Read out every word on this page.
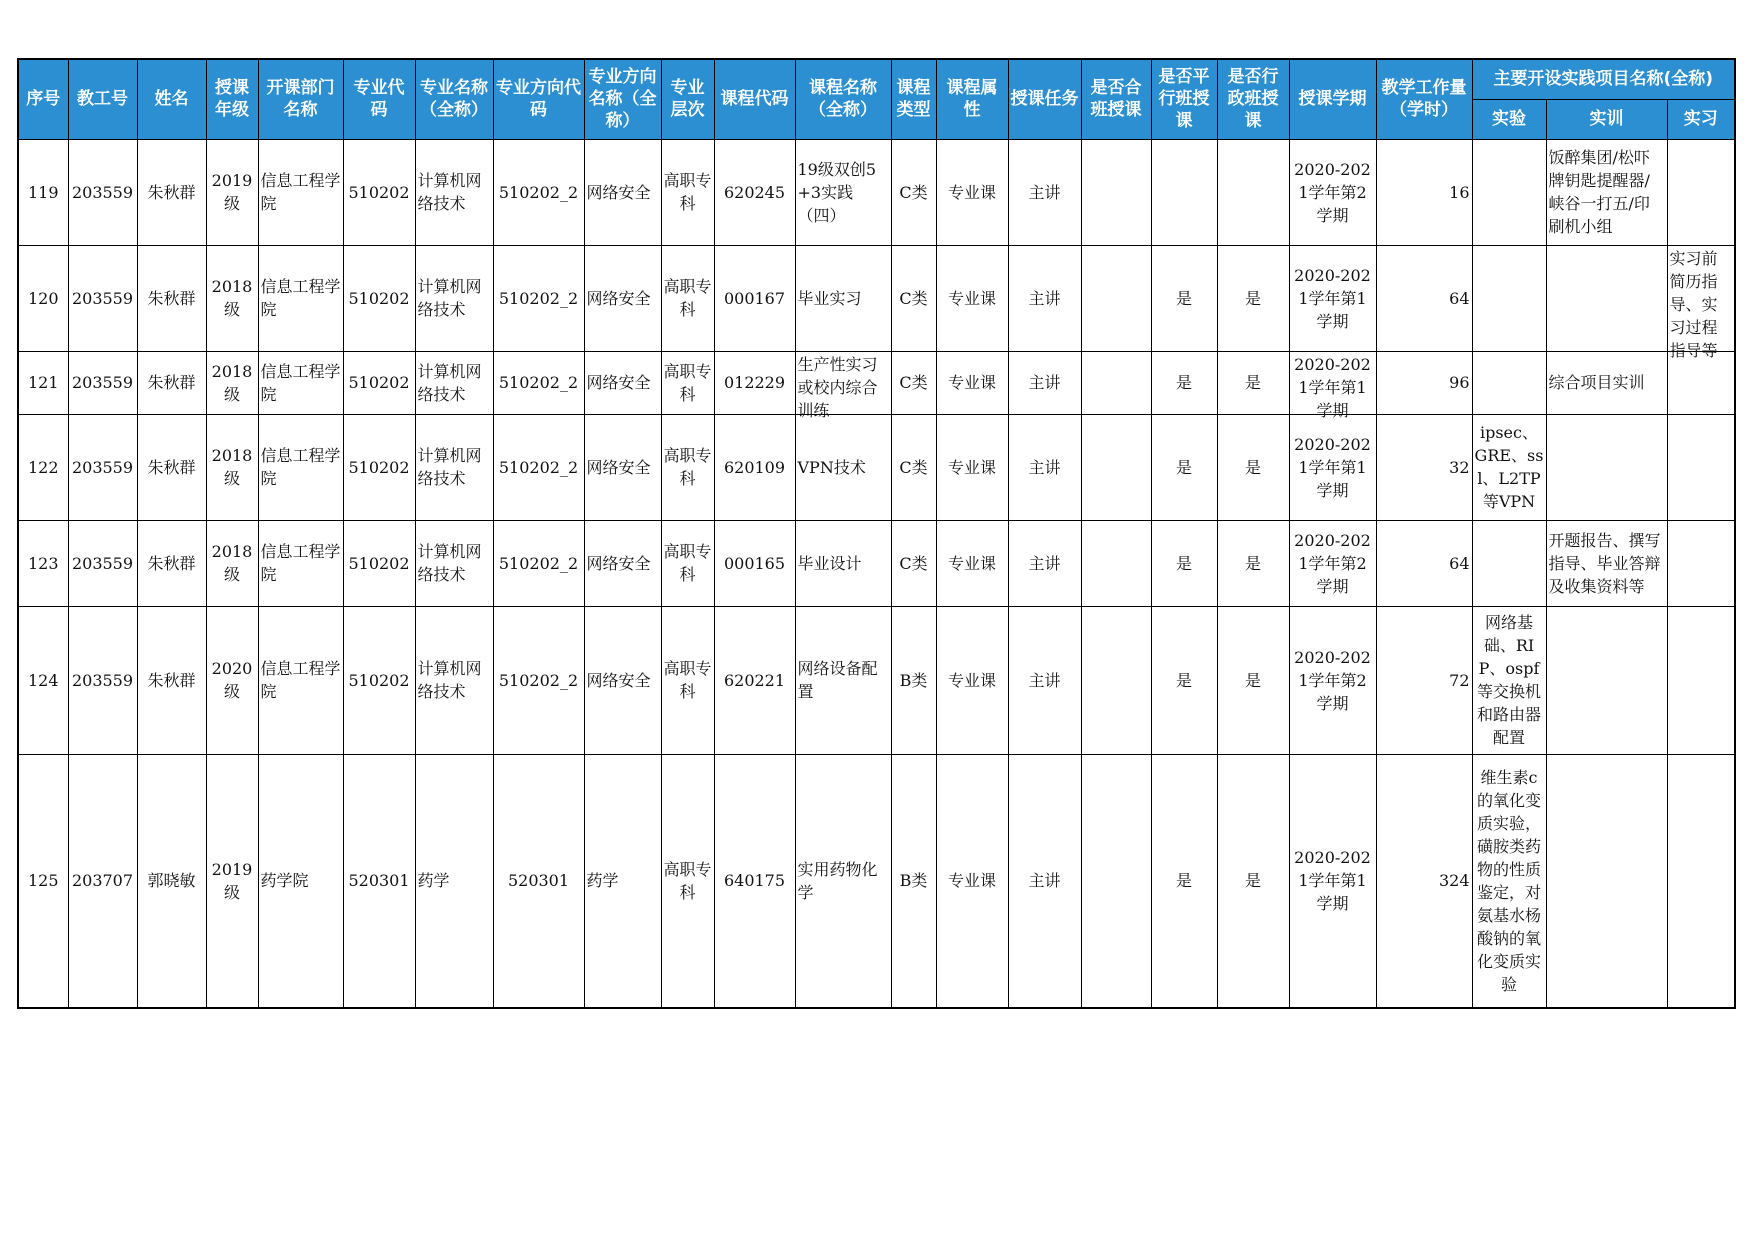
序号	教工号	姓名	授课年级	开课部门名称	专业代码	专业名称（全称）	专业方向代码	专业方向名称（全称）	专业层次	课程代码	课程名称（全称）	课程类型	课程属性	授课任务	是否合班授课	是否平行班授课	是否行政班授课	授课学期	教学工作量（学时）	主要开设实践项目名称(全称)		

																				实验	实训	实习

119	203559	朱秋群	2019级	信息工程学院	510202	计算机网络技术	510202_2	网络安全	高职专科	620245	19级双创5+3实践（四）	C类	专业课	主讲				2020-2021学年第2学期	16		饭醉集团/松吓牌钥匙提醒器/峡谷一打五/印刷机小组	

120	203559	朱秋群	2018级	信息工程学院	510202	计算机网络技术	510202_2	网络安全	高职专科	000167	毕业实习	C类	专业课	主讲		是	是	2020-2021学年第1学期	64			实习前简历指导、实习过程指导等

121	203559	朱秋群	2018级	信息工程学院	510202	计算机网络技术	510202_2	网络安全	高职专科	012229	生产性实习或校内综合训练	C类	专业课	主讲		是	是	2020-2021学年第1学期	96		综合项目实训	

122	203559	朱秋群	2018级	信息工程学院	510202	计算机网络技术	510202_2	网络安全	高职专科	620109	VPN技术	C类	专业课	主讲		是	是	2020-2021学年第1学期	32	ipsec、GRE、ssl、L2TP等VPN		

123	203559	朱秋群	2018级	信息工程学院	510202	计算机网络技术	510202_2	网络安全	高职专科	000165	毕业设计	C类	专业课	主讲		是	是	2020-2021学年第2学期	64		开题报告、撰写指导、毕业答辩及收集资料等	

124	203559	朱秋群	2020级	信息工程学院	510202	计算机网络技术	510202_2	网络安全	高职专科	620221	网络设备配置	B类	专业课	主讲		是	是	2020-2021学年第2学期	72	网络基础、RIP、ospf等交换机和路由器配置		

125	203707	郭晓敏	2019级	药学院	520301	药学	520301	药学	高职专科	640175	实用药物化学	B类	专业课	主讲		是	是	2020-2021学年第1学期	324	维生素c的氧化变质实验，磺胺类药物的性质鉴定，对氨基水杨酸钠的氧化变质实验		
